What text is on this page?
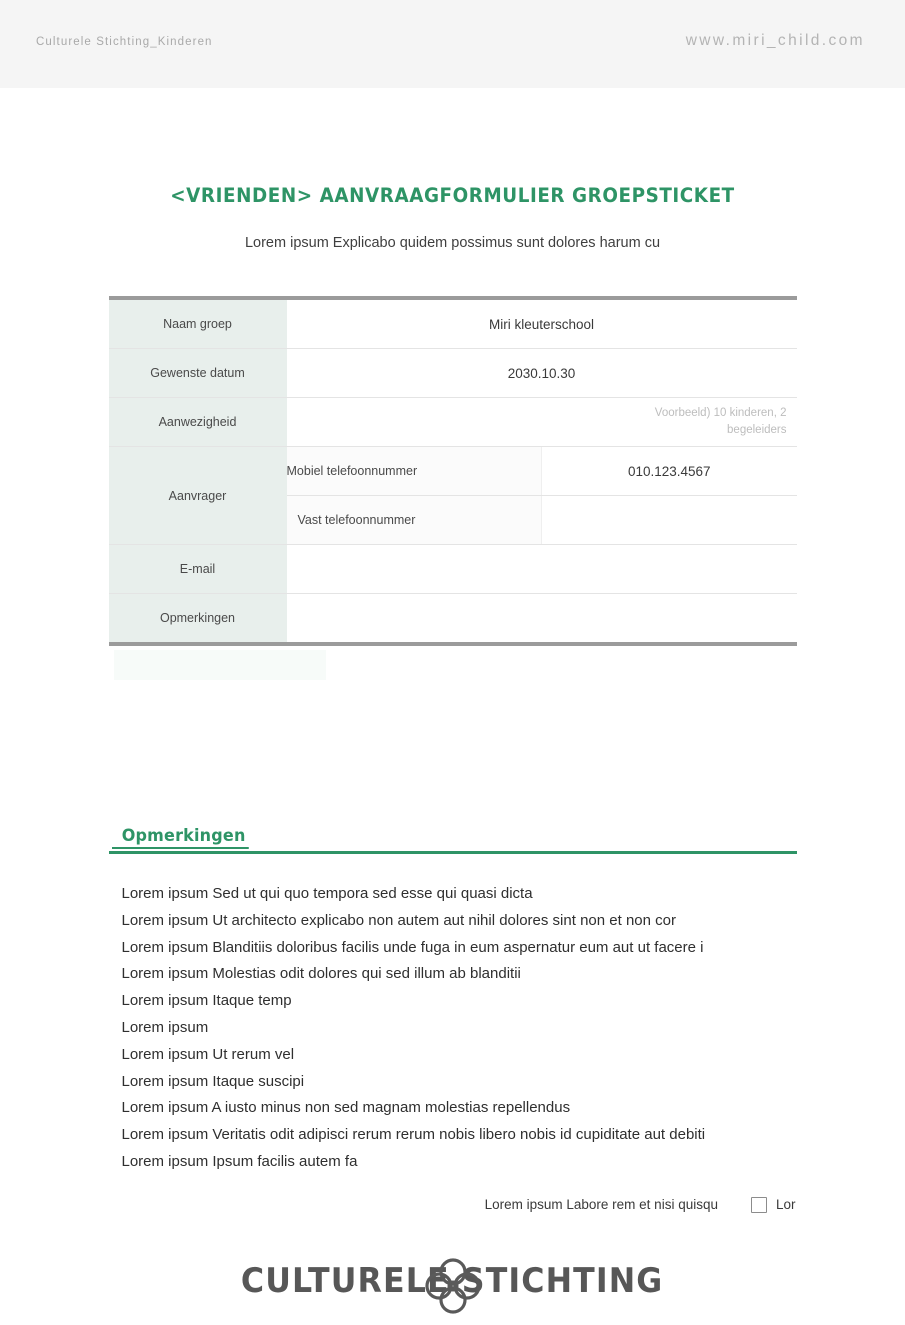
Culturele Stichting_Kinderen	www.miri_child.com
<VRIENDEN> AANVRAAGFORMULIER GROEPSTICKET

Lorem ipsum Explicabo quidem possimus sunt dolores harum cu

Naam groep	Miri kleuterschool	
Gewenste datum	2030.10.30	
Aanwezigheid	Voorbeeld) 10 kinderen, 2 begeleiders	
Aanvrager	Mobiel telefoonnummer	010.123.4567
	Vast telefoonnummer	
E-mail		
Opmerkingen		
Opmerkingen
Lorem ipsum Sed ut qui quo tempora sed esse qui quasi dicta
Lorem ipsum Ut architecto explicabo non autem aut nihil dolores sint non et non cor
Lorem ipsum Blanditiis doloribus facilis unde fuga in eum aspernatur eum aut ut facere i
Lorem ipsum Molestias odit dolores qui sed illum ab blanditii
Lorem ipsum Itaque temp
Lorem ipsum
Lorem ipsum Ut rerum vel
Lorem ipsum Itaque suscipi
Lorem ipsum A iusto minus non sed magnam molestias repellendus
Lorem ipsum Veritatis odit adipisci rerum rerum nobis libero nobis id cupiditate aut debiti
Lorem ipsum Ipsum facilis autem fa
Lorem ipsum Labore rem et nisi quisqu	Lor
CULTURELE STICHTING
